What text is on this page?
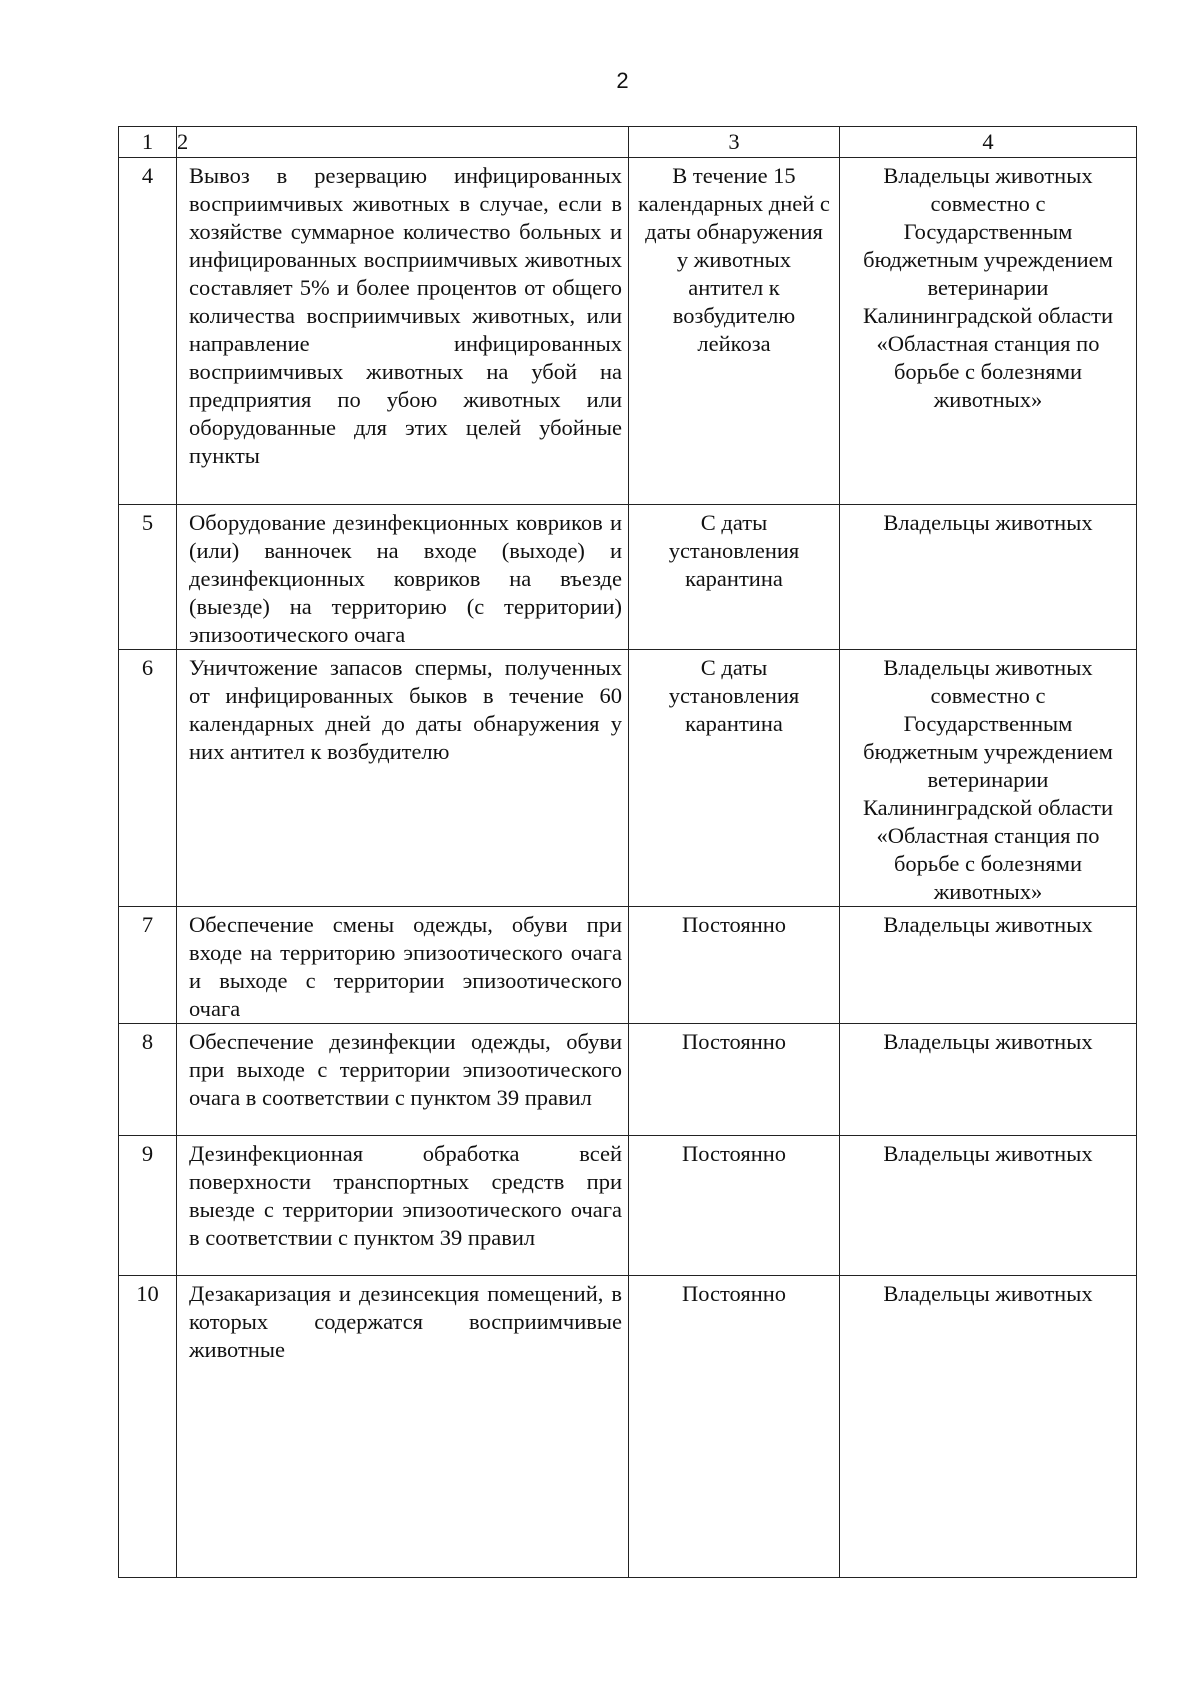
2
1	2	3	4

4	Вывоз в резервацию инфицированных восприимчивых животных в случае, если в хозяйстве суммарное количество больных и инфицированных восприимчивых животных составляет 5% и более процентов от общего количества восприимчивых животных, или направление инфицированных восприимчивых животных на убой на предприятия по убою животных или оборудованные для этих целей убойные пункты	В течение 15 календарных дней с даты обнаружения у животных антител к возбудителю лейкоза	Владельцы животных совместно с Государственным бюджетным учреждением ветеринарии Калининградской области «Областная станция по борьбе с болезнями животных»

5	Оборудование дезинфекционных ковриков и (или) ванночек на входе (выходе) и дезинфекционных ковриков на въезде (выезде) на территорию (с территории) эпизоотического очага	С даты установления карантина	Владельцы животных

6	Уничтожение запасов спермы, полученных от инфицированных быков в течение 60 календарных дней до даты обнаружения у них антител к возбудителю	С даты установления карантина	Владельцы животных совместно с Государственным бюджетным учреждением ветеринарии Калининградской области «Областная станция по борьбе с болезнями животных»

7	Обеспечение смены одежды, обуви при входе на территорию эпизоотического очага и выходе с территории эпизоотического очага	Постоянно	Владельцы животных

8	Обеспечение дезинфекции одежды, обуви при выходе с территории эпизоотического очага в соответствии с пунктом 39 правил	Постоянно	Владельцы животных

9	Дезинфекционная обработка всей поверхности транспортных средств при выезде с территории эпизоотического очага в соответствии с пунктом 39 правил	Постоянно	Владельцы животных

10	Дезакаризация и дезинсекция помещений, в которых содержатся восприимчивые животные	Постоянно	Владельцы животных
